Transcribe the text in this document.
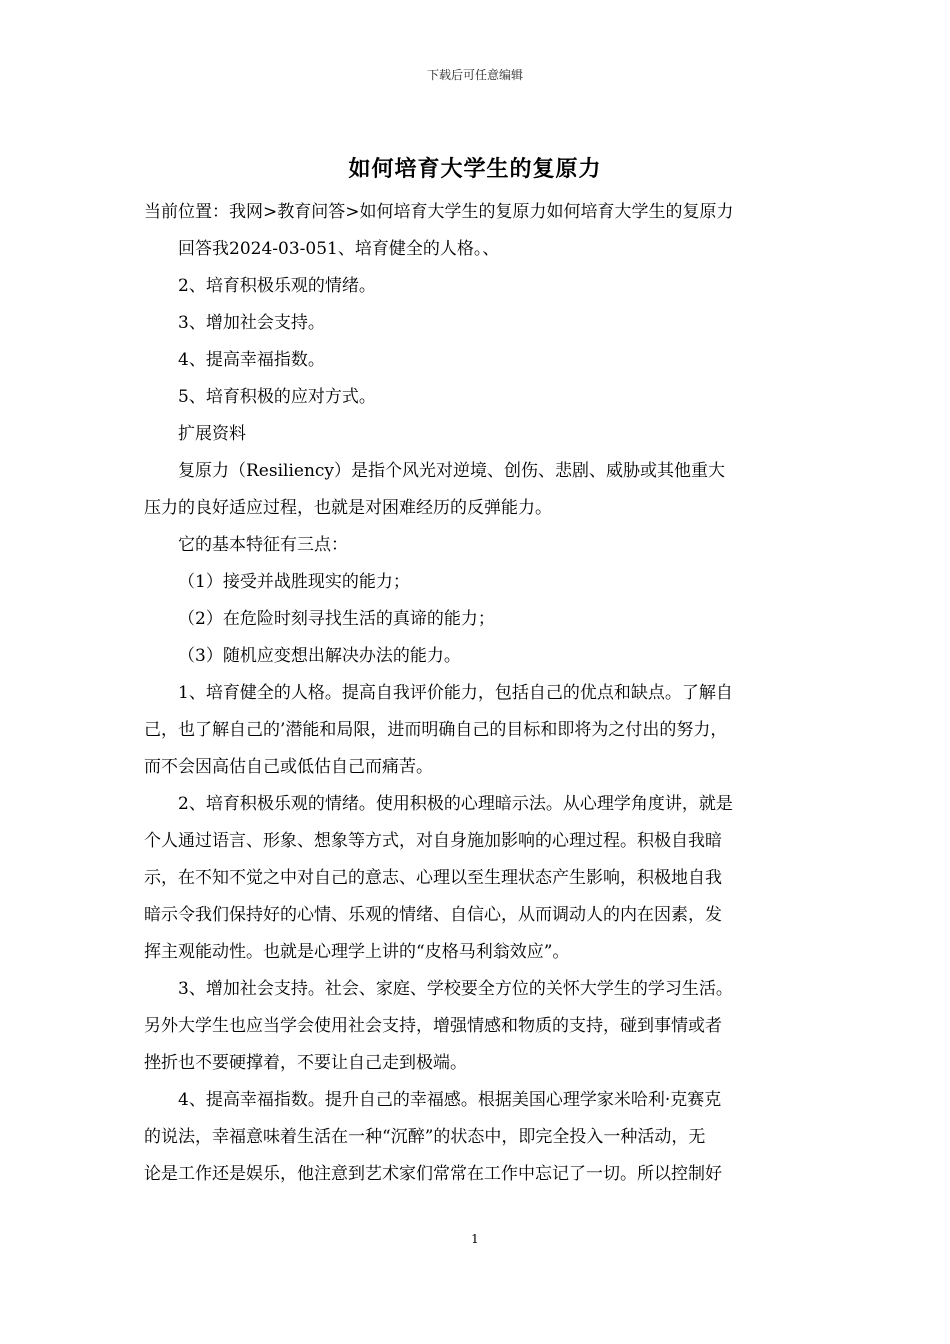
下载后可任意编辑
如何培育大学生的复原力
当前位置：我网>教育问答>如何培育大学生的复原力如何培育大学生的复原力
回答我2024-03-051、培育健全的人格。、
2、培育积极乐观的情绪。
3、增加社会支持。
4、提高幸福指数。
5、培育积极的应对方式。
扩展资料
复原力（Resiliency）是指个风光对逆境、创伤、悲剧、威胁或其他重大
压力的良好适应过程，也就是对困难经历的反弹能力。
它的基本特征有三点：
（1）接受并战胜现实的能力；
（2）在危险时刻寻找生活的真谛的能力；
（3）随机应变想出解决办法的能力。
1、培育健全的人格。提高自我评价能力，包括自己的优点和缺点。了解自
己，也了解自己的’潜能和局限，进而明确自己的目标和即将为之付出的努力，
而不会因高估自己或低估自己而痛苦。
2、培育积极乐观的情绪。使用积极的心理暗示法。从心理学角度讲，就是
个人通过语言、形象、想象等方式，对自身施加影响的心理过程。积极自我暗
示，在不知不觉之中对自己的意志、心理以至生理状态产生影响，积极地自我
暗示令我们保持好的心情、乐观的情绪、自信心，从而调动人的内在因素，发
挥主观能动性。也就是心理学上讲的“皮格马利翁效应”。
3、增加社会支持。社会、家庭、学校要全方位的关怀大学生的学习生活。
另外大学生也应当学会使用社会支持，增强情感和物质的支持，碰到事情或者
挫折也不要硬撑着，不要让自己走到极端。
4、提高幸福指数。提升自己的幸福感。根据美国心理学家米哈利·克赛克
的说法，幸福意味着生活在一种“沉醉”的状态中，即完全投入一种活动，无
论是工作还是娱乐，他注意到艺术家们常常在工作中忘记了一切。所以控制好
1
